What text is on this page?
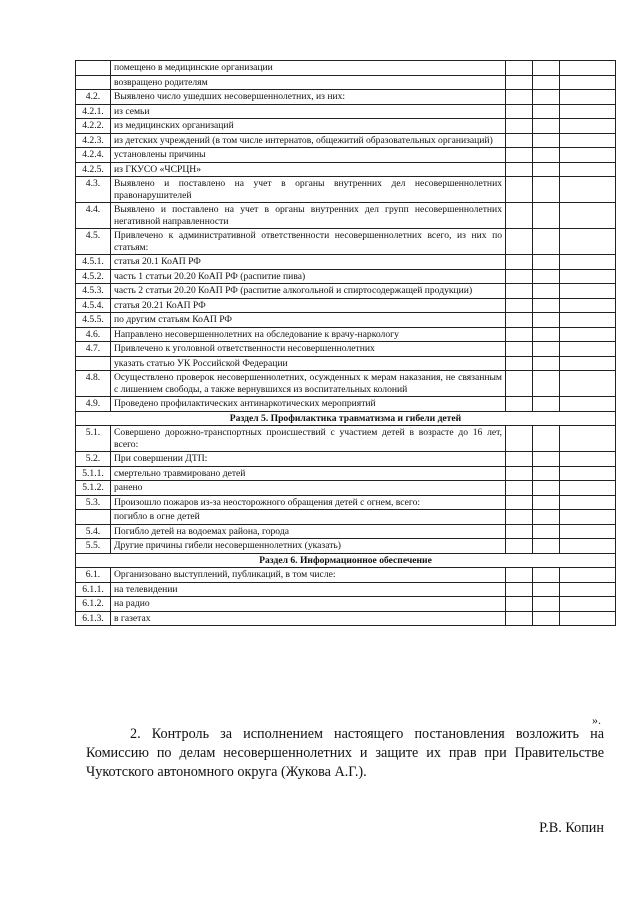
	помещено в медицинские организации			
	возвращено родителям			
4.2.	Выявлено число ушедших несовершеннолетних, из них:			
4.2.1.	из семьи			
4.2.2.	из медицинских организаций			
4.2.3.	из детских учреждений (в том числе интернатов, общежитий образовательных организаций)			
4.2.4.	установлены причины			
4.2.5.	из ГКУСО «ЧСРЦН»			
4.3.	Выявлено и поставлено на учет в органы внутренних дел несовершеннолетних правонарушителей			
4.4.	Выявлено и поставлено на учет в органы внутренних дел групп несовершеннолетних негативной направленности			
4.5.	Привлечено к административной ответственности несовершеннолетних всего, из них по статьям:			
4.5.1.	статья 20.1 КоАП РФ			
4.5.2.	часть 1 статьи 20.20 КоАП РФ (распитие пива)			
4.5.3.	часть 2 статьи 20.20 КоАП РФ (распитие алкогольной и спиртосодержащей продукции)			
4.5.4.	статья 20.21 КоАП РФ			
4.5.5.	по другим статьям КоАП РФ			
4.6.	Направлено несовершеннолетних на обследование к врачу-наркологу			
4.7.	Привлечено к уголовной ответственности несовершеннолетних			
	указать статью УК Российской Федерации			
4.8.	Осуществлено проверок несовершеннолетних, осужденных к мерам наказания, не связанным с лишением свободы, а также вернувшихся из воспитательных колоний			
4.9.	Проведено профилактических антинаркотических мероприятий			
Раздел 5. Профилактика травматизма и гибели детей				
5.1.	Совершено дорожно-транспортных происшествий с участием детей в возрасте до 16 лет, всего:			
5.2.	При совершении ДТП:			
5.1.1.	смертельно травмировано детей			
5.1.2.	ранено			
5.3.	Произошло пожаров из-за неосторожного обращения детей с огнем, всего:			
	погибло в огне детей			
5.4.	Погибло детей на водоемах района, города			
5.5.	Другие причины гибели несовершеннолетних (указать)			
Раздел 6. Информационное обеспечение				
6.1.	Организовано выступлений, публикаций, в том числе:			
6.1.1.	на телевидении			
6.1.2.	на радио			
6.1.3.	в газетах			
».
2. Контроль за исполнением настоящего постановления возложить на Комиссию по делам несовершеннолетних и защите их прав при Правительстве Чукотского автономного округа (Жукова А.Г.).
Р.В. Копин
